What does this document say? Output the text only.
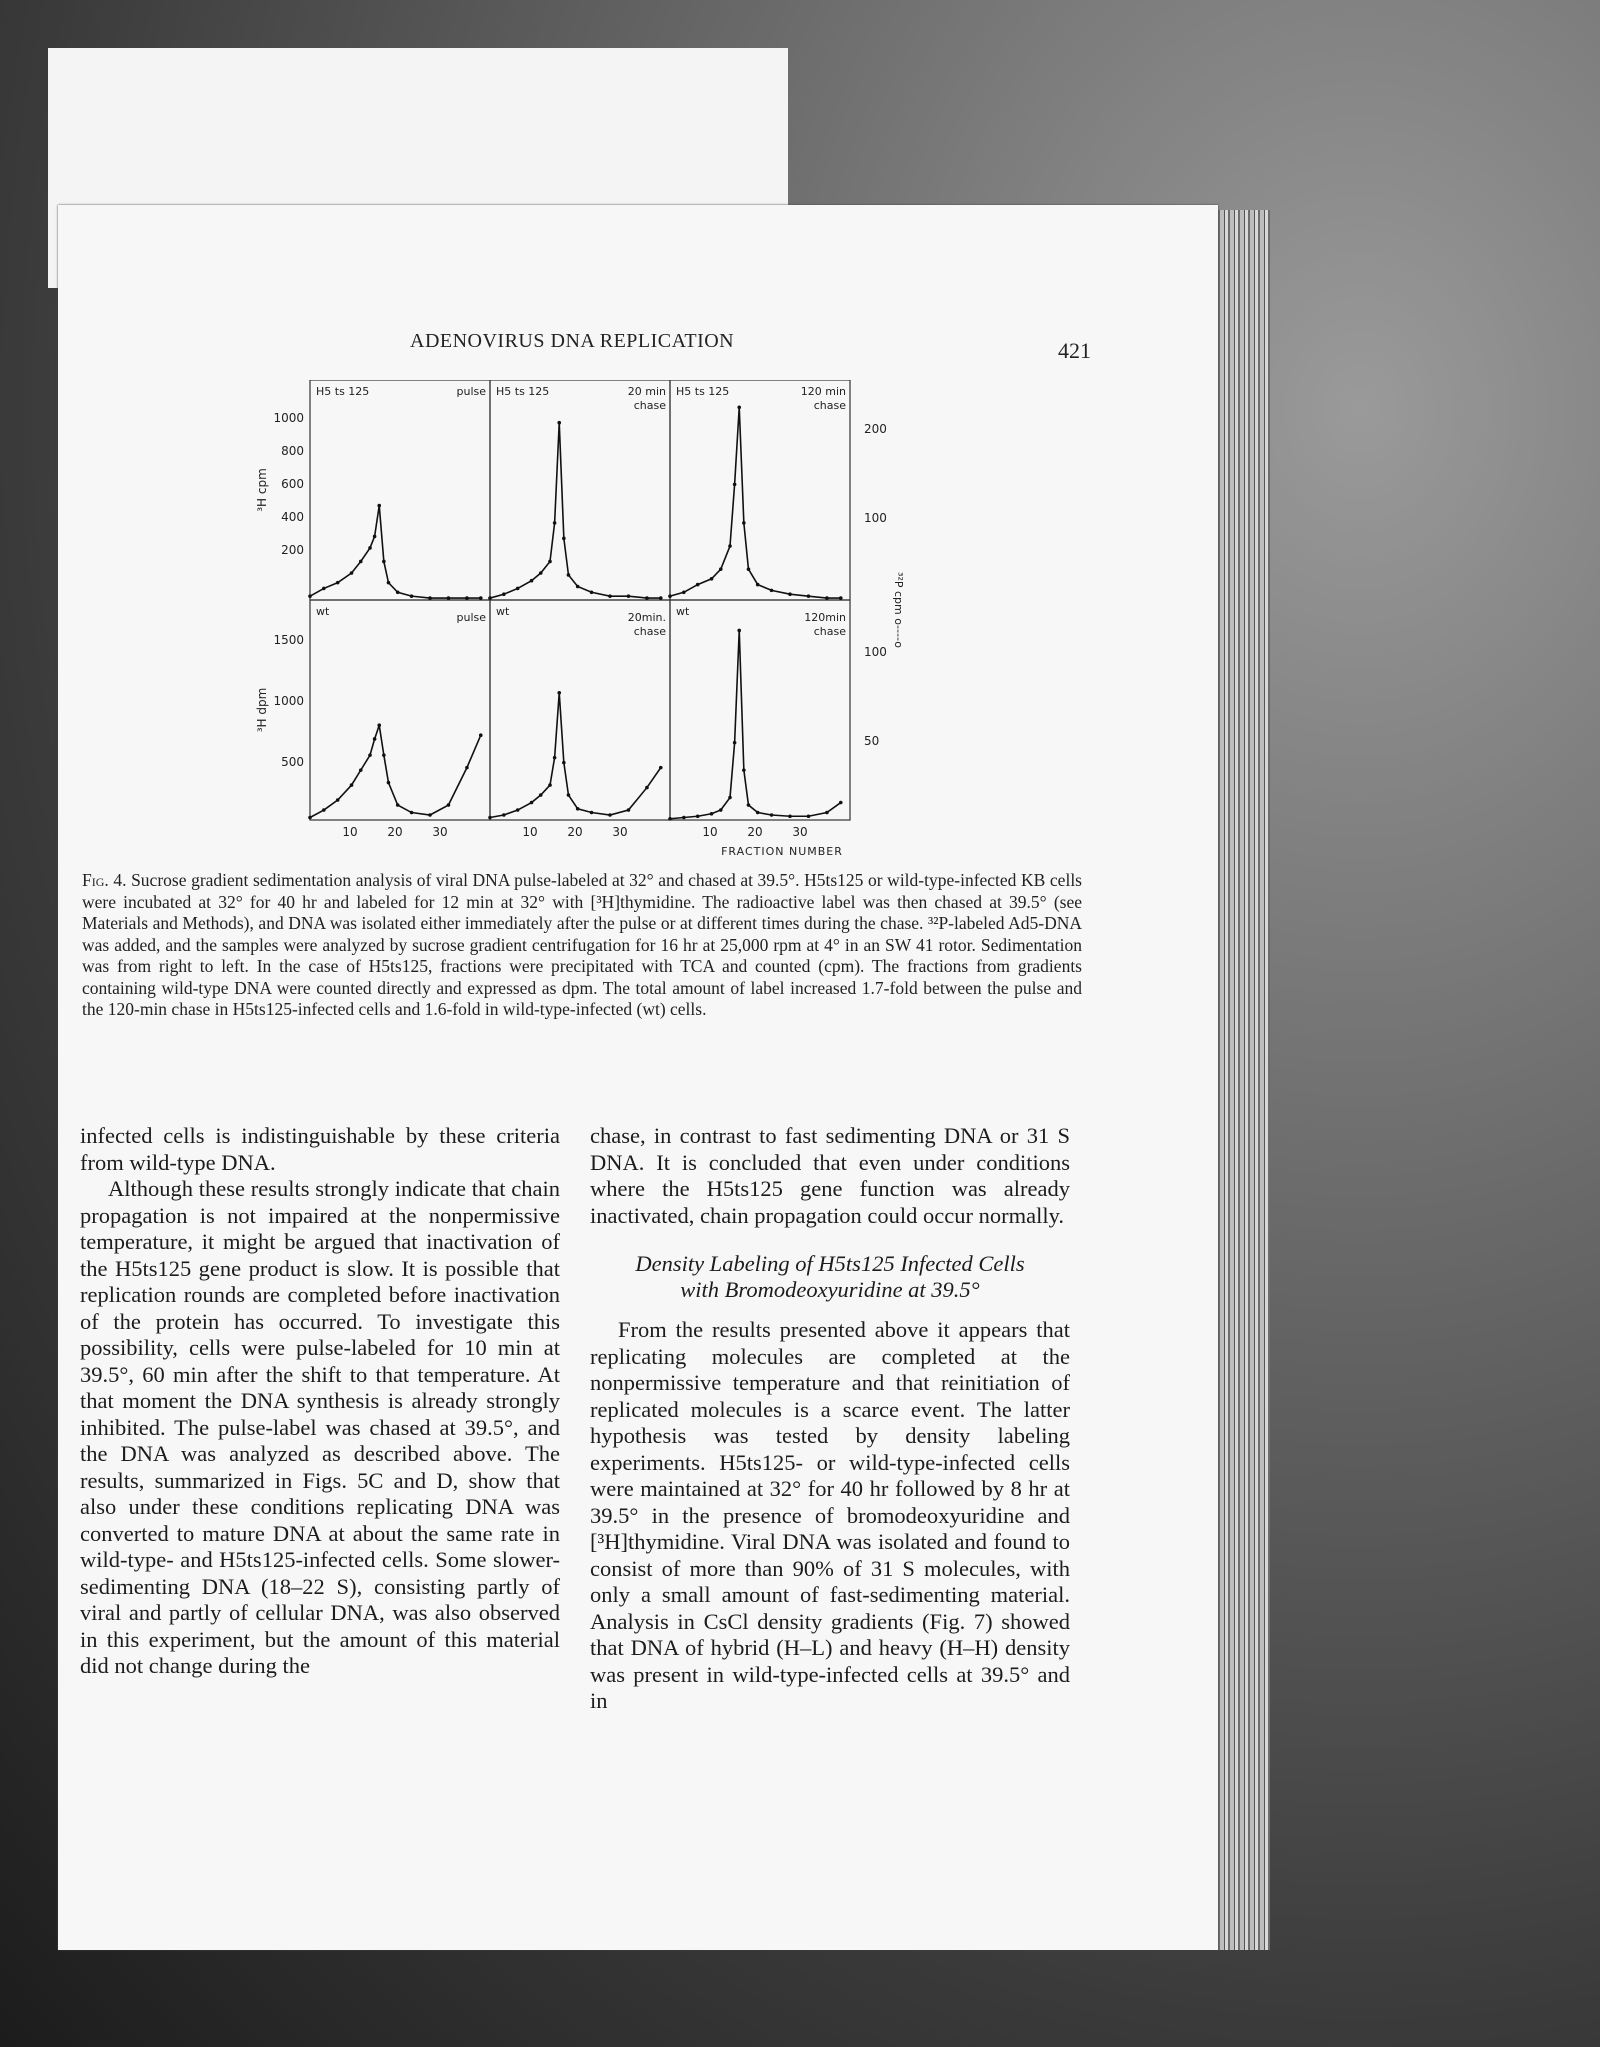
ADENOVIRUS DNA REPLICATION	421
H5 ts 125	pulse H5 ts 125	20 min
chase
H5 ts 125	120 min
chase
wt	pulse wt	20min.
chase
wt	120min
chase
1000
800
600
400
200
1500
1000
500
³H cpm
³H dpm
200
100
100
50
³²P cpm o----o
10 20 30	10 20 30	10 20 30
FRACTION NUMBER
Fig. 4. Sucrose gradient sedimentation analysis of viral DNA pulse-labeled at 32° and chased at 39.5°. H5ts125 or wild-type-infected KB cells were incubated at 32° for 40 hr and labeled for 12 min at 32° with [³H]thymidine. The radioactive label was then chased at 39.5° (see Materials and Methods), and DNA was isolated either immediately after the pulse or at different times during the chase. ³²P-labeled Ad5-DNA was added, and the samples were analyzed by sucrose gradient centrifugation for 16 hr at 25,000 rpm at 4° in an SW 41 rotor. Sedimentation was from right to left. In the case of H5ts125, fractions were precipitated with TCA and counted (cpm). The fractions from gradients containing wild-type DNA were counted directly and expressed as dpm. The total amount of label increased 1.7-fold between the pulse and the 120-min chase in H5ts125-infected cells and 1.6-fold in wild-type-infected (wt) cells.

infected cells is indistinguishable by these criteria from wild-type DNA.

Although these results strongly indicate that chain propagation is not impaired at the nonpermissive temperature, it might be argued that inactivation of the H5ts125 gene product is slow. It is possible that replication rounds are completed before inactivation of the protein has occurred. To investigate this possibility, cells were pulse-labeled for 10 min at 39.5°, 60 min after the shift to that temperature. At that moment the DNA synthesis is already strongly inhibited. The pulse-label was chased at 39.5°, and the DNA was analyzed as described above. The results, summarized in Figs. 5C and D, show that also under these conditions replicating DNA was converted to mature DNA at about the same rate in wild-type- and H5ts125-infected cells. Some slower-sedimenting DNA (18–22 S), consisting partly of viral and partly of cellular DNA, was also observed in this experiment, but the amount of this material did not change during the

chase, in contrast to fast sedimenting DNA or 31 S DNA. It is concluded that even under conditions where the H5ts125 gene function was already inactivated, chain propagation could occur normally.

Density Labeling of H5ts125 Infected Cells
with Bromodeoxyuridine at 39.5°

From the results presented above it appears that replicating molecules are completed at the nonpermissive temperature and that reinitiation of replicated molecules is a scarce event. The latter hypothesis was tested by density labeling experiments. H5ts125- or wild-type-infected cells were maintained at 32° for 40 hr followed by 8 hr at 39.5° in the presence of bromodeoxyuridine and [³H]thymidine. Viral DNA was isolated and found to consist of more than 90% of 31 S molecules, with only a small amount of fast-sedimenting material. Analysis in CsCl density gradients (Fig. 7) showed that DNA of hybrid (H–L) and heavy (H–H) density was present in wild-type-infected cells at 39.5° and in
